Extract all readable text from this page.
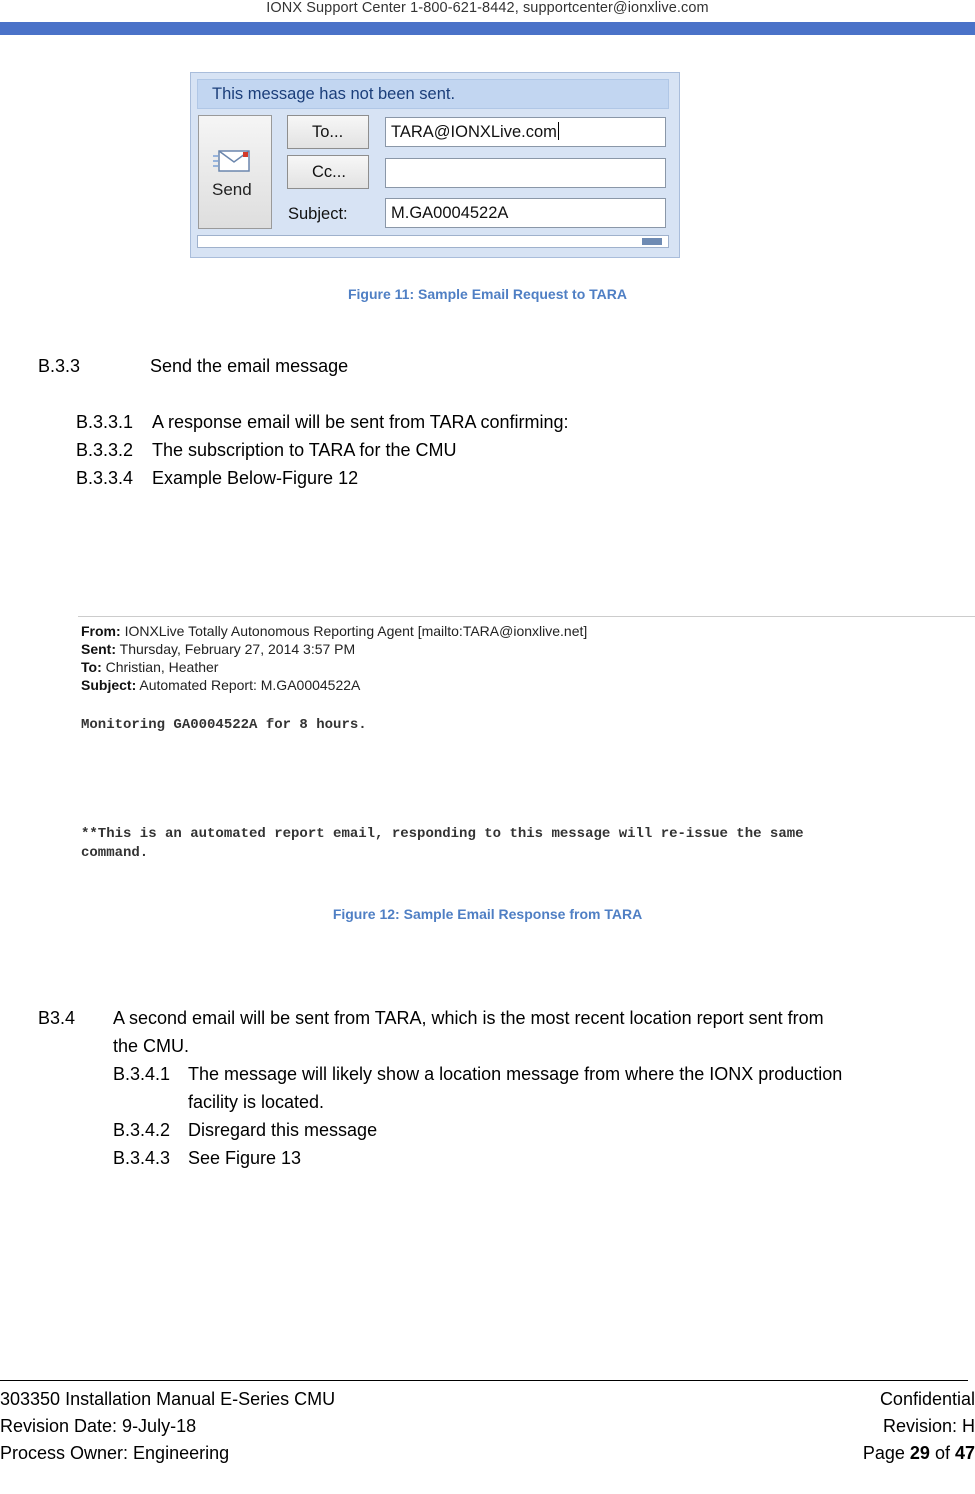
IONX Support Center 1-800-621-8442, supportcenter@ionxlive.com
This message has not been sent.
Send
To...
Cc...
Subject:
TARA@IONXLive.com
M.GA0004522A
Figure 11: Sample Email Request to TARA
B.3.3	Send the email message
B.3.3.1 A response email will be sent from TARA confirming:
B.3.3.2 The subscription to TARA for the CMU
B.3.3.4 Example Below-Figure 12
From: IONXLive Totally Autonomous Reporting Agent [mailto:TARA@ionxlive.net]
Sent: Thursday, February 27, 2014 3:57 PM
To: Christian, Heather
Subject: Automated Report: M.GA0004522A
Monitoring GA0004522A for 8 hours.
**This is an automated report email, responding to this message will re-issue the same
command.
Figure 12: Sample Email Response from TARA
B3.4 A second email will be sent from TARA, which is the most recent location report sent from
the CMU.
B.3.4.1 The message will likely show a location message from where the IONX production
facility is located.
B.3.4.2 Disregard this message
B.3.4.3 See Figure 13
303350 Installation Manual E-Series CMU	Confidential
Revision Date: 9-July-18	Revision: H
Process Owner: Engineering	Page 29 of 47
